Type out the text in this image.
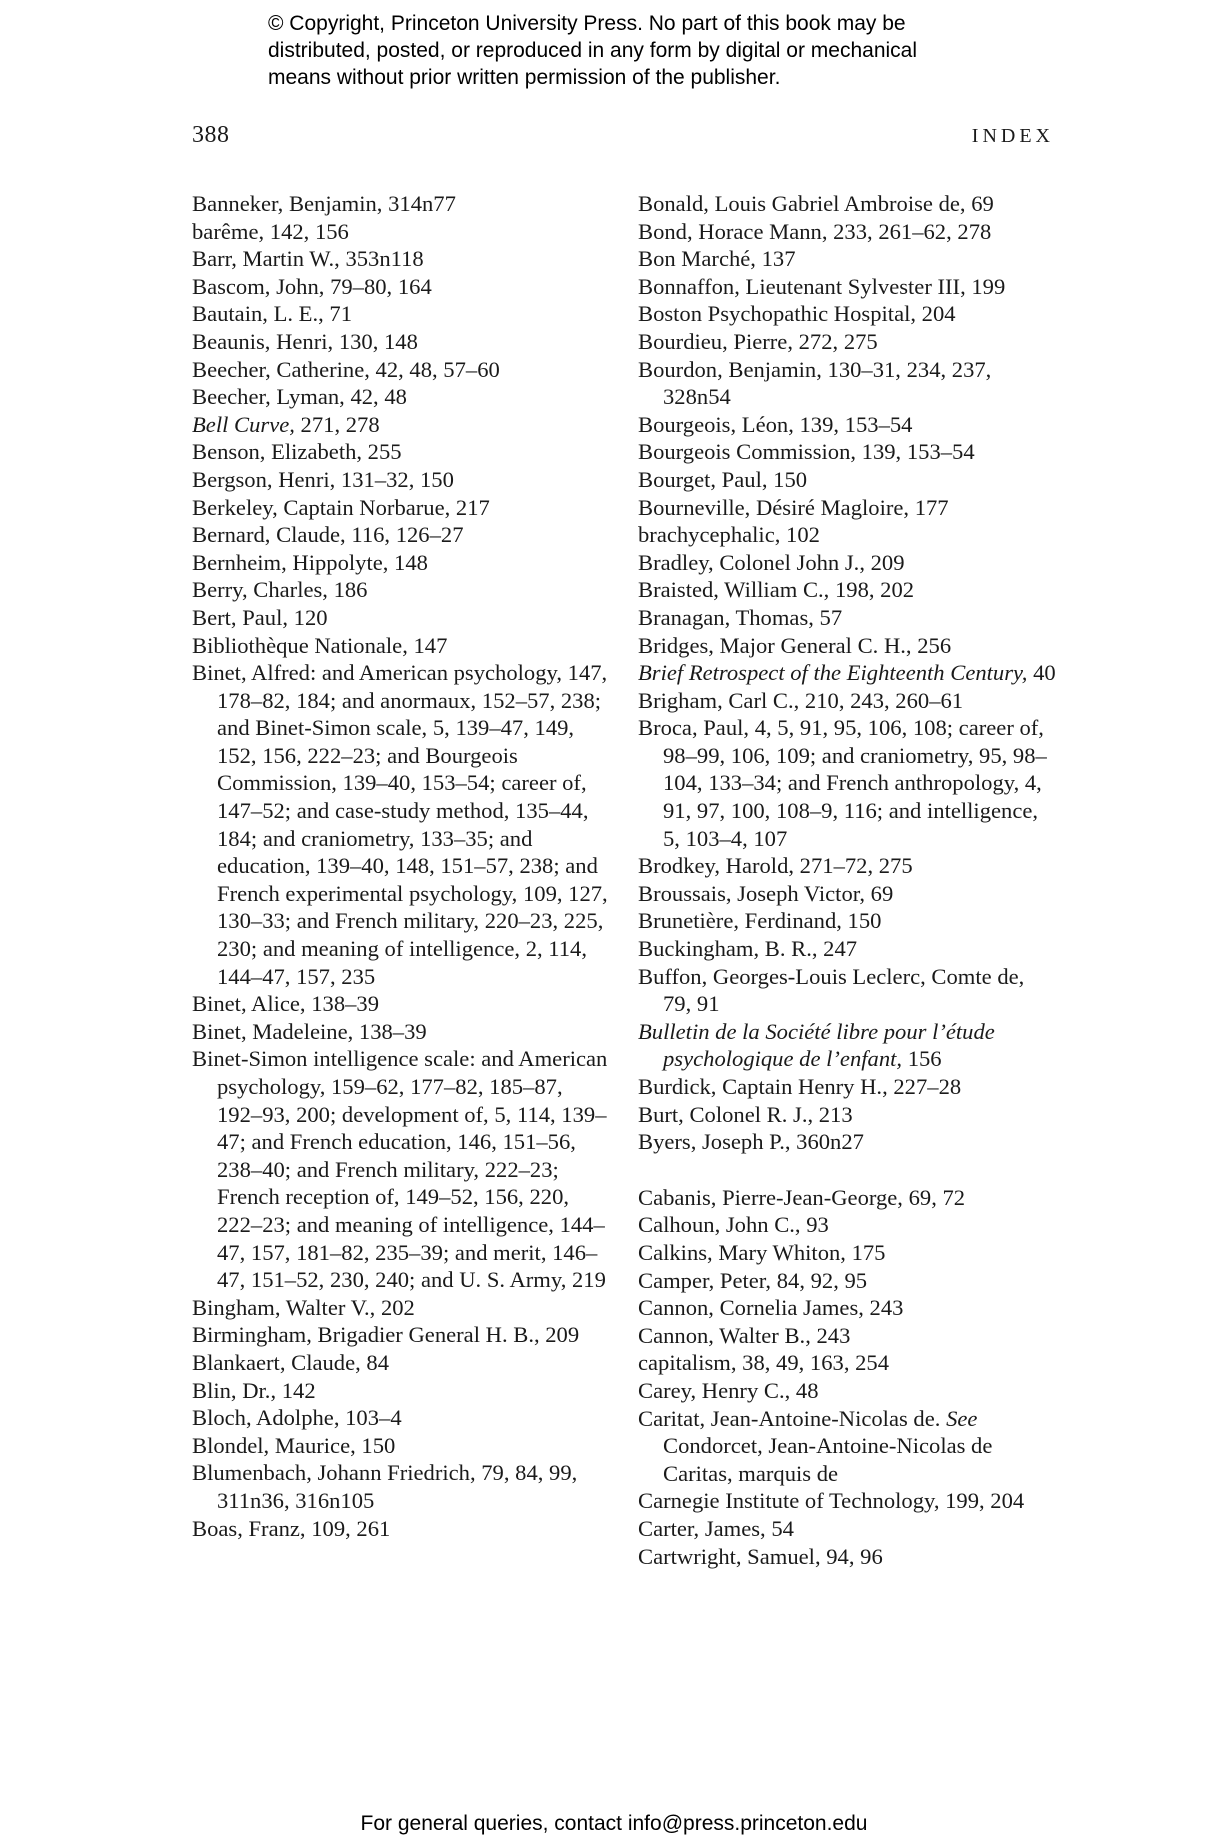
© Copyright, Princeton University Press. No part of this book may be
distributed, posted, or reproduced in any form by digital or mechanical
means without prior written permission of the publisher.
388	INDEX

Banneker, Benjamin, 314n77

barême, 142, 156

Barr, Martin W., 353n118

Bascom, John, 79–80, 164

Bautain, L. E., 71

Beaunis, Henri, 130, 148

Beecher, Catherine, 42, 48, 57–60

Beecher, Lyman, 42, 48

Bell Curve, 271, 278

Benson, Elizabeth, 255

Bergson, Henri, 131–32, 150

Berkeley, Captain Norbarue, 217

Bernard, Claude, 116, 126–27

Bernheim, Hippolyte, 148

Berry, Charles, 186

Bert, Paul, 120

Bibliothèque Nationale, 147

Binet, Alfred: and American psychology, 147, 178–82, 184; and anormaux, 152–57, 238; and Binet-Simon scale, 5, 139–47, 149, 152, 156, 222–23; and Bourgeois Commission, 139–40, 153–54; career of, 147–52; and case-study method, 135–44, 184; and craniometry, 133–35; and education, 139–40, 148, 151–57, 238; and French experimental psychology, 109, 127, 130–33; and French military, 220–23, 225, 230; and meaning of intelligence, 2, 114, 144–47, 157, 235

Binet, Alice, 138–39

Binet, Madeleine, 138–39

Binet-Simon intelligence scale: and American psychology, 159–62, 177–82, 185–87, 192–93, 200; development of, 5, 114, 139–47; and French education, 146, 151–56, 238–40; and French military, 222–23; French reception of, 149–52, 156, 220, 222–23; and meaning of intelligence, 144–47, 157, 181–82, 235–39; and merit, 146–47, 151–52, 230, 240; and U. S. Army, 219

Bingham, Walter V., 202

Birmingham, Brigadier General H. B., 209

Blankaert, Claude, 84

Blin, Dr., 142

Bloch, Adolphe, 103–4

Blondel, Maurice, 150

Blumenbach, Johann Friedrich, 79, 84, 99, 311n36, 316n105

Boas, Franz, 109, 261

Bonald, Louis Gabriel Ambroise de, 69

Bond, Horace Mann, 233, 261–62, 278

Bon Marché, 137

Bonnaffon, Lieutenant Sylvester III, 199

Boston Psychopathic Hospital, 204

Bourdieu, Pierre, 272, 275

Bourdon, Benjamin, 130–31, 234, 237, 328n54

Bourgeois, Léon, 139, 153–54

Bourgeois Commission, 139, 153–54

Bourget, Paul, 150

Bourneville, Désiré Magloire, 177

brachycephalic, 102

Bradley, Colonel John J., 209

Braisted, William C., 198, 202

Branagan, Thomas, 57

Bridges, Major General C. H., 256

Brief Retrospect of the Eighteenth Century, 40

Brigham, Carl C., 210, 243, 260–61

Broca, Paul, 4, 5, 91, 95, 106, 108; career of, 98–99, 106, 109; and craniometry, 95, 98–104, 133–34; and French anthropology, 4, 91, 97, 100, 108–9, 116; and intelligence, 5, 103–4, 107

Brodkey, Harold, 271–72, 275

Broussais, Joseph Victor, 69

Brunetière, Ferdinand, 150

Buckingham, B. R., 247

Buffon, Georges-Louis Leclerc, Comte de, 79, 91

Bulletin de la Société libre pour l’étude psychologique de l’enfant, 156

Burdick, Captain Henry H., 227–28

Burt, Colonel R. J., 213

Byers, Joseph P., 360n27

Cabanis, Pierre-Jean-George, 69, 72

Calhoun, John C., 93

Calkins, Mary Whiton, 175

Camper, Peter, 84, 92, 95

Cannon, Cornelia James, 243

Cannon, Walter B., 243

capitalism, 38, 49, 163, 254

Carey, Henry C., 48

Caritat, Jean-Antoine-Nicolas de. See Condorcet, Jean-Antoine-Nicolas de Caritas, marquis de

Carnegie Institute of Technology, 199, 204

Carter, James, 54

Cartwright, Samuel, 94, 96

For general queries, contact info@press.princeton.edu
